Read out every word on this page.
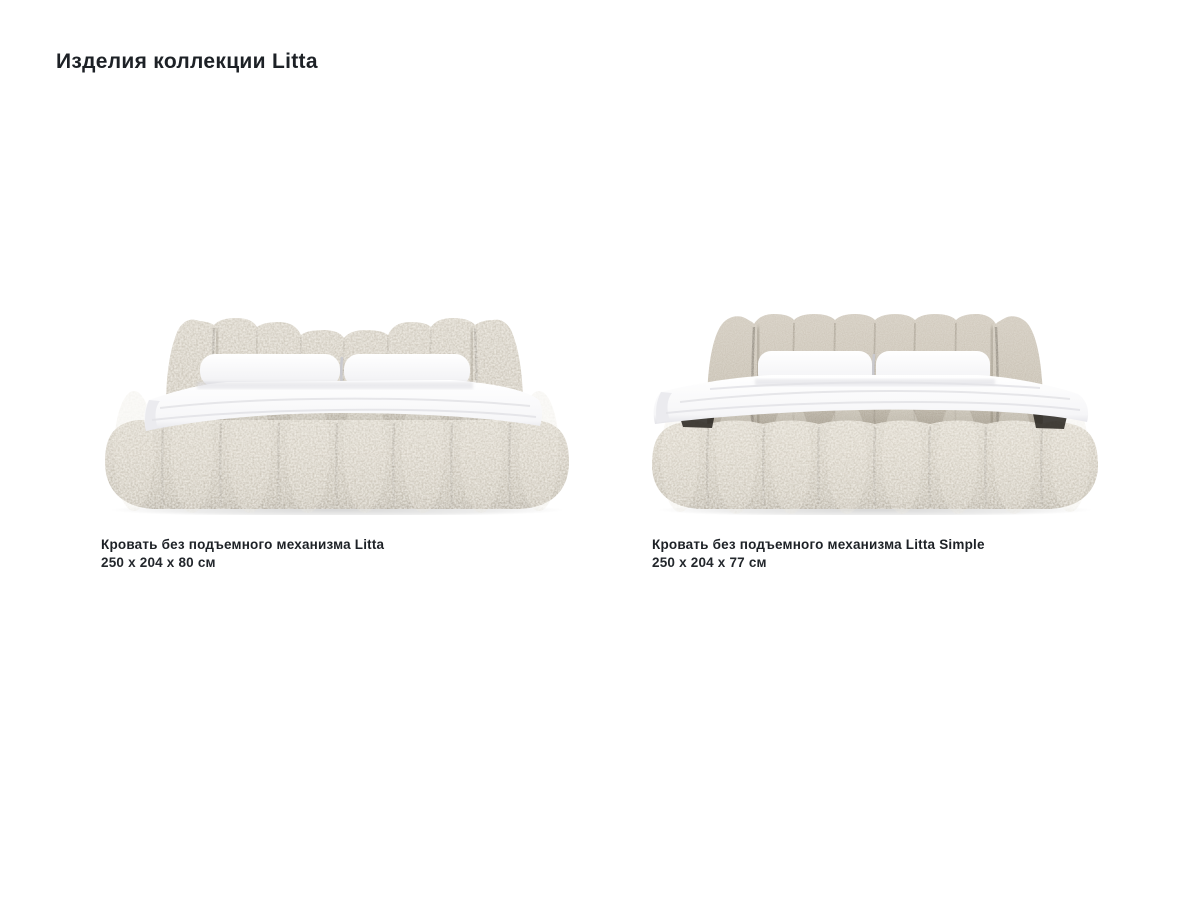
Изделия коллекции Litta
Кровать без подъемного механизма Litta
250 x 204 x 80 см
Кровать без подъемного механизма Litta Simple
250 x 204 x 77 см
